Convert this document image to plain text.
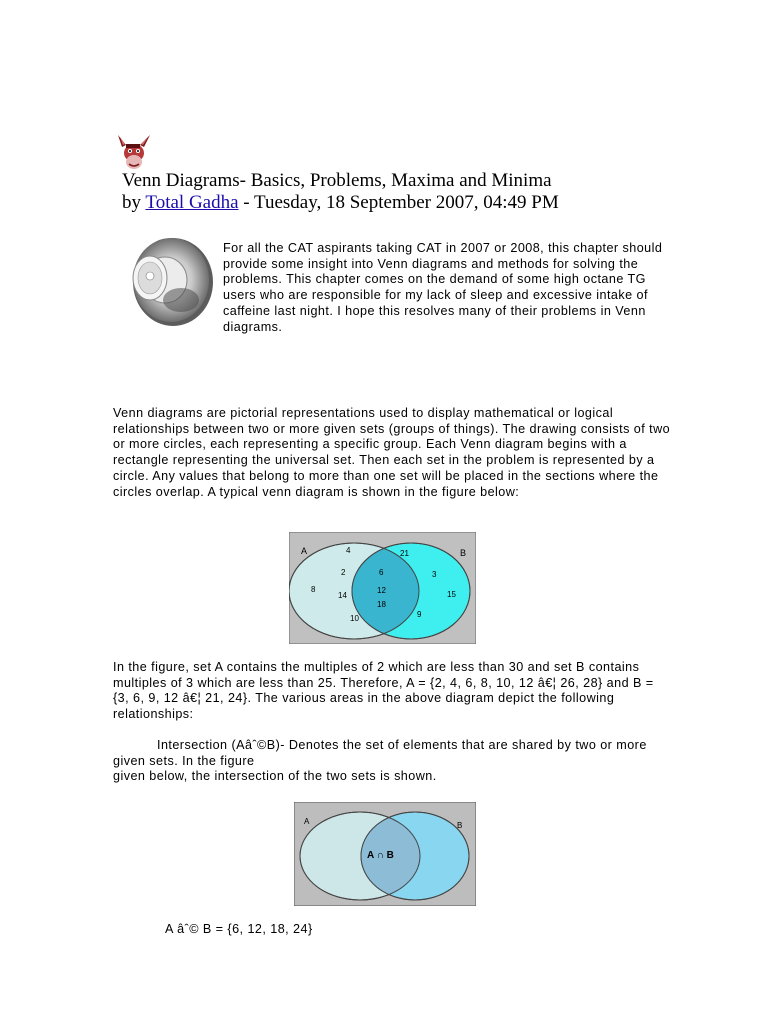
Venn Diagrams- Basics, Problems, Maxima and Minima
by Total Gadha - Tuesday, 18 September 2007, 04:49 PM
For all the CAT aspirants taking CAT in 2007 or 2008, this chapter should provide some insight into Venn diagrams and methods for solving the problems. This chapter comes on the demand of some high octane TG users who are responsible for my lack of sleep and excessive intake of caffeine last night. I hope this resolves many of their problems in Venn diagrams.
Venn diagrams are pictorial representations used to display mathematical or logical relationships between two or more given sets (groups of things). The drawing consists of two or more circles, each representing a specific group. Each Venn diagram begins with a rectangle representing the universal set. Then each set in the problem is represented by a circle. Any values that belong to more than one set will be placed in the sections where the circles overlap. A typical venn diagram is shown in the figure below:
A	B
4
2
8
14
10
6
12
18
21
3
15
9
In the figure, set A contains the multiples of 2 which are less than 30 and set B contains multiples of 3 which are less than 25. Therefore, A = {2, 4, 6, 8, 10, 12 â€¦ 26, 28} and B = {3, 6, 9, 12 â€¦ 21, 24}. The various areas in the above diagram depict the following relationships:
Intersection (Aâˆ©B)- Denotes the set of elements that are shared by two or more given sets. In the figure
given below, the intersection of the two sets is shown.
A	B
A ∩ B
A âˆ© B = {6, 12, 18, 24}
